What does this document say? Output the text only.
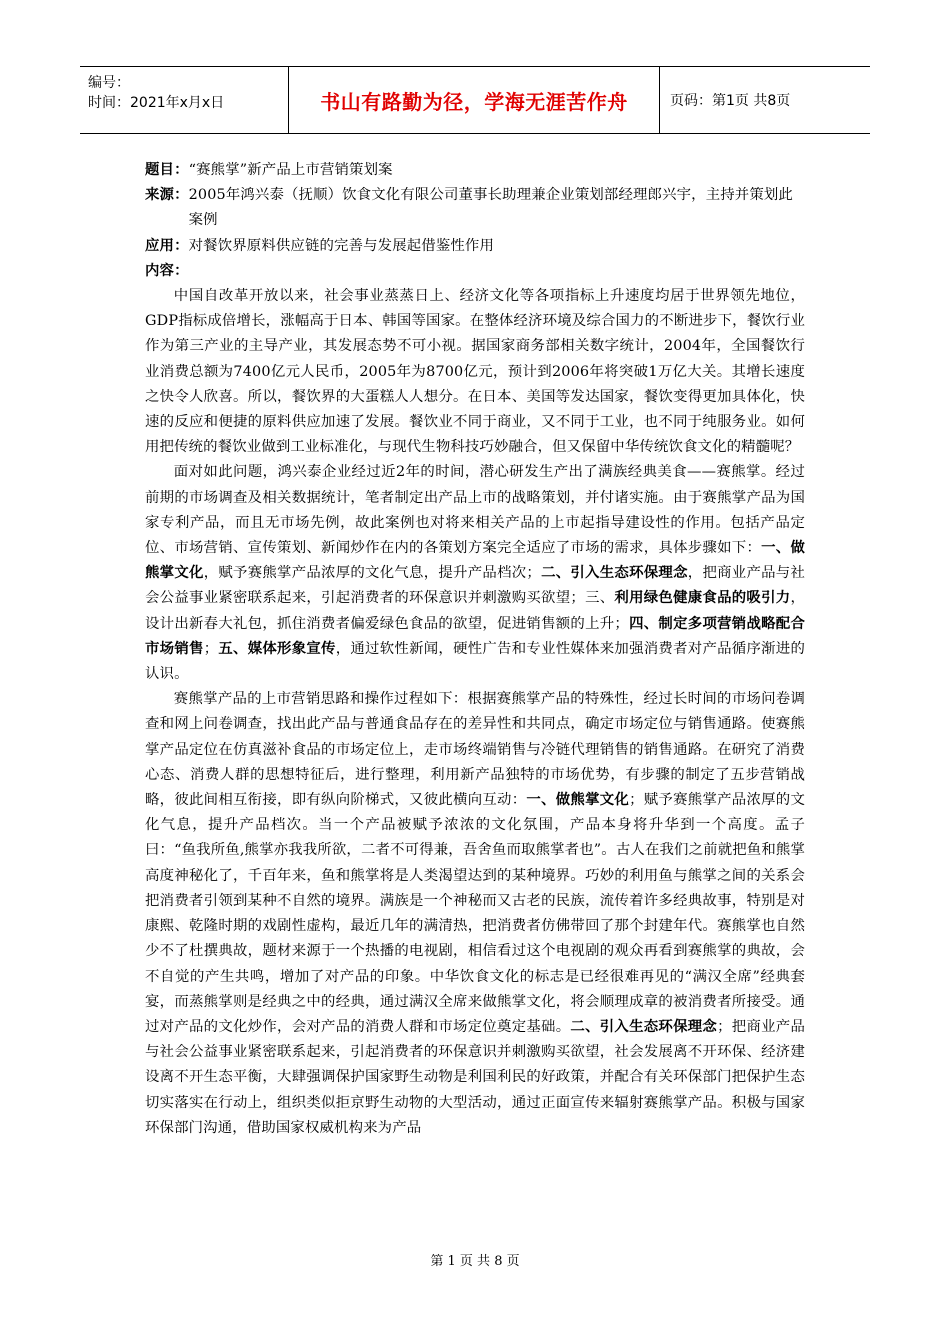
编号：
时间：2021年x月x日	书山有路勤为径，学海无涯苦作舟	页码：第1页 共8页
题目： “赛熊掌”新产品上市营销策划案
来源： 2005年鸿兴泰（抚顺）饮食文化有限公司董事长助理兼企业策划部经理郎兴宇，主持并策划此案例
应用： 对餐饮界原料供应链的完善与发展起借鉴性作用
内容：

中国自改革开放以来，社会事业蒸蒸日上、经济文化等各项指标上升速度均居于世界领先地位，GDP指标成倍增长，涨幅高于日本、韩国等国家。在整体经济环境及综合国力的不断进步下，餐饮行业作为第三产业的主导产业，其发展态势不可小视。据国家商务部相关数字统计，2004年，全国餐饮行业消费总额为7400亿元人民币，2005年为8700亿元，预计到2006年将突破1万亿大关。其增长速度之快令人欣喜。所以，餐饮界的大蛋糕人人想分。在日本、美国等发达国家，餐饮变得更加具体化，快速的反应和便捷的原料供应加速了发展。餐饮业不同于商业，又不同于工业，也不同于纯服务业。如何用把传统的餐饮业做到工业标准化，与现代生物科技巧妙融合，但又保留中华传统饮食文化的精髓呢？

面对如此问题，鸿兴泰企业经过近2年的时间，潜心研发生产出了满族经典美食——赛熊掌。经过前期的市场调查及相关数据统计，笔者制定出产品上市的战略策划，并付诸实施。由于赛熊掌产品为国家专利产品，而且无市场先例，故此案例也对将来相关产品的上市起指导建设性的作用。包括产品定位、市场营销、宣传策划、新闻炒作在内的各策划方案完全适应了市场的需求，具体步骤如下：一、做熊掌文化，赋予赛熊掌产品浓厚的文化气息，提升产品档次；二、引入生态环保理念，把商业产品与社会公益事业紧密联系起来，引起消费者的环保意识并刺激购买欲望；三、利用绿色健康食品的吸引力，设计出新春大礼包，抓住消费者偏爱绿色食品的欲望，促进销售额的上升；四、制定多项营销战略配合市场销售；五、媒体形象宣传，通过软性新闻，硬性广告和专业性媒体来加强消费者对产品循序渐进的认识。

赛熊掌产品的上市营销思路和操作过程如下：根据赛熊掌产品的特殊性，经过长时间的市场问卷调查和网上问卷调查，找出此产品与普通食品存在的差异性和共同点，确定市场定位与销售通路。使赛熊掌产品定位在仿真滋补食品的市场定位上，走市场终端销售与冷链代理销售的销售通路。在研究了消费心态、消费人群的思想特征后，进行整理，利用新产品独特的市场优势，有步骤的制定了五步营销战略，彼此间相互衔接，即有纵向阶梯式，又彼此横向互动：一、做熊掌文化；赋予赛熊掌产品浓厚的文化气息，提升产品档次。当一个产品被赋予浓浓的文化氛围，产品本身将升华到一个高度。孟子曰：“鱼我所鱼,熊掌亦我我所欲，二者不可得兼，吾舍鱼而取熊掌者也”。古人在我们之前就把鱼和熊掌高度神秘化了，千百年来，鱼和熊掌将是人类渴望达到的某种境界。巧妙的利用鱼与熊掌之间的关系会把消费者引领到某种不自然的境界。满族是一个神秘而又古老的民族，流传着许多经典故事，特别是对康熙、乾隆时期的戏剧性虚构，最近几年的满清热，把消费者仿佛带回了那个封建年代。赛熊掌也自然少不了杜撰典故，题材来源于一个热播的电视剧，相信看过这个电视剧的观众再看到赛熊掌的典故，会不自觉的产生共鸣，增加了对产品的印象。中华饮食文化的标志是已经很难再见的“满汉全席”经典套宴，而蒸熊掌则是经典之中的经典，通过满汉全席来做熊掌文化，将会顺理成章的被消费者所接受。通过对产品的文化炒作，会对产品的消费人群和市场定位奠定基础。二、引入生态环保理念；把商业产品与社会公益事业紧密联系起来，引起消费者的环保意识并刺激购买欲望，社会发展离不开环保、经济建设离不开生态平衡，大肆强调保护国家野生动物是利国利民的好政策，并配合有关环保部门把保护生态切实落实在行动上，组织类似拒京野生动物的大型活动，通过正面宣传来辐射赛熊掌产品。积极与国家环保部门沟通，借助国家权威机构来为产品

第 1 页 共 8 页
